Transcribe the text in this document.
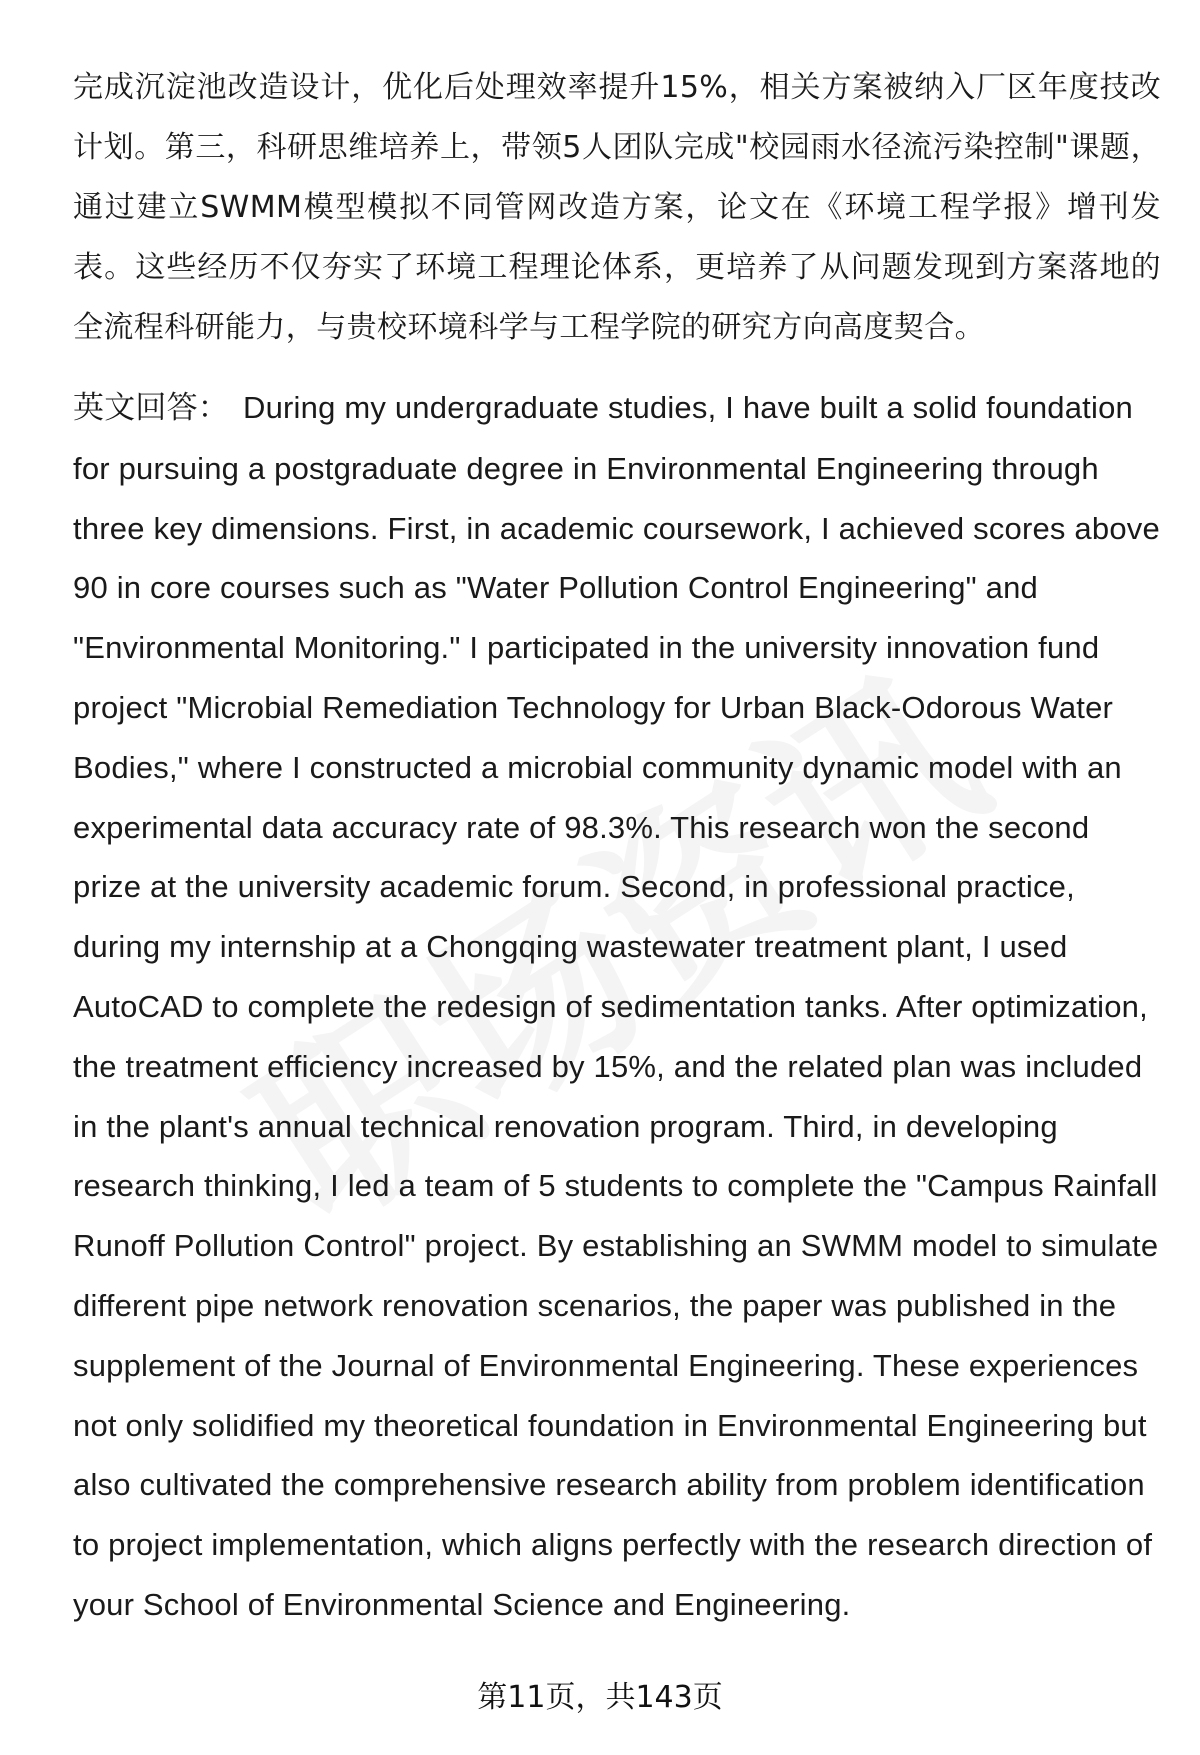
完成沉淀池改造设计，优化后处理效率提升15%，相关方案被纳入厂区年度技改计划。第三，科研思维培养上，带领5人团队完成"校园雨水径流污染控制"课题，通过建立SWMM模型模拟不同管网改造方案，论文在《环境工程学报》增刊发表。这些经历不仅夯实了环境工程理论体系，更培养了从问题发现到方案落地的全流程科研能力，与贵校环境科学与工程学院的研究方向高度契合。

英文回答： During my undergraduate studies, I have built a solid foundation for pursuing a postgraduate degree in Environmental Engineering through three key dimensions. First, in academic coursework, I achieved scores above 90 in core courses such as "Water Pollution Control Engineering" and "Environmental Monitoring." I participated in the university innovation fund project "Microbial Remediation Technology for Urban Black-Odorous Water Bodies," where I constructed a microbial community dynamic model with an experimental data accuracy rate of 98.3%. This research won the second prize at the university academic forum. Second, in professional practice, during my internship at a Chongqing wastewater treatment plant, I used AutoCAD to complete the redesign of sedimentation tanks. After optimization, the treatment efficiency increased by 15%, and the related plan was included in the plant's annual technical renovation program. Third, in developing research thinking, I led a team of 5 students to complete the "Campus Rainfall Runoff Pollution Control" project. By establishing an SWMM model to simulate different pipe network renovation scenarios, the paper was published in the supplement of the Journal of Environmental Engineering. These experiences not only solidified my theoretical foundation in Environmental Engineering but also cultivated the comprehensive research ability from problem identification to project implementation, which aligns perfectly with the research direction of your School of Environmental Science and Engineering.

第11页，共143页
